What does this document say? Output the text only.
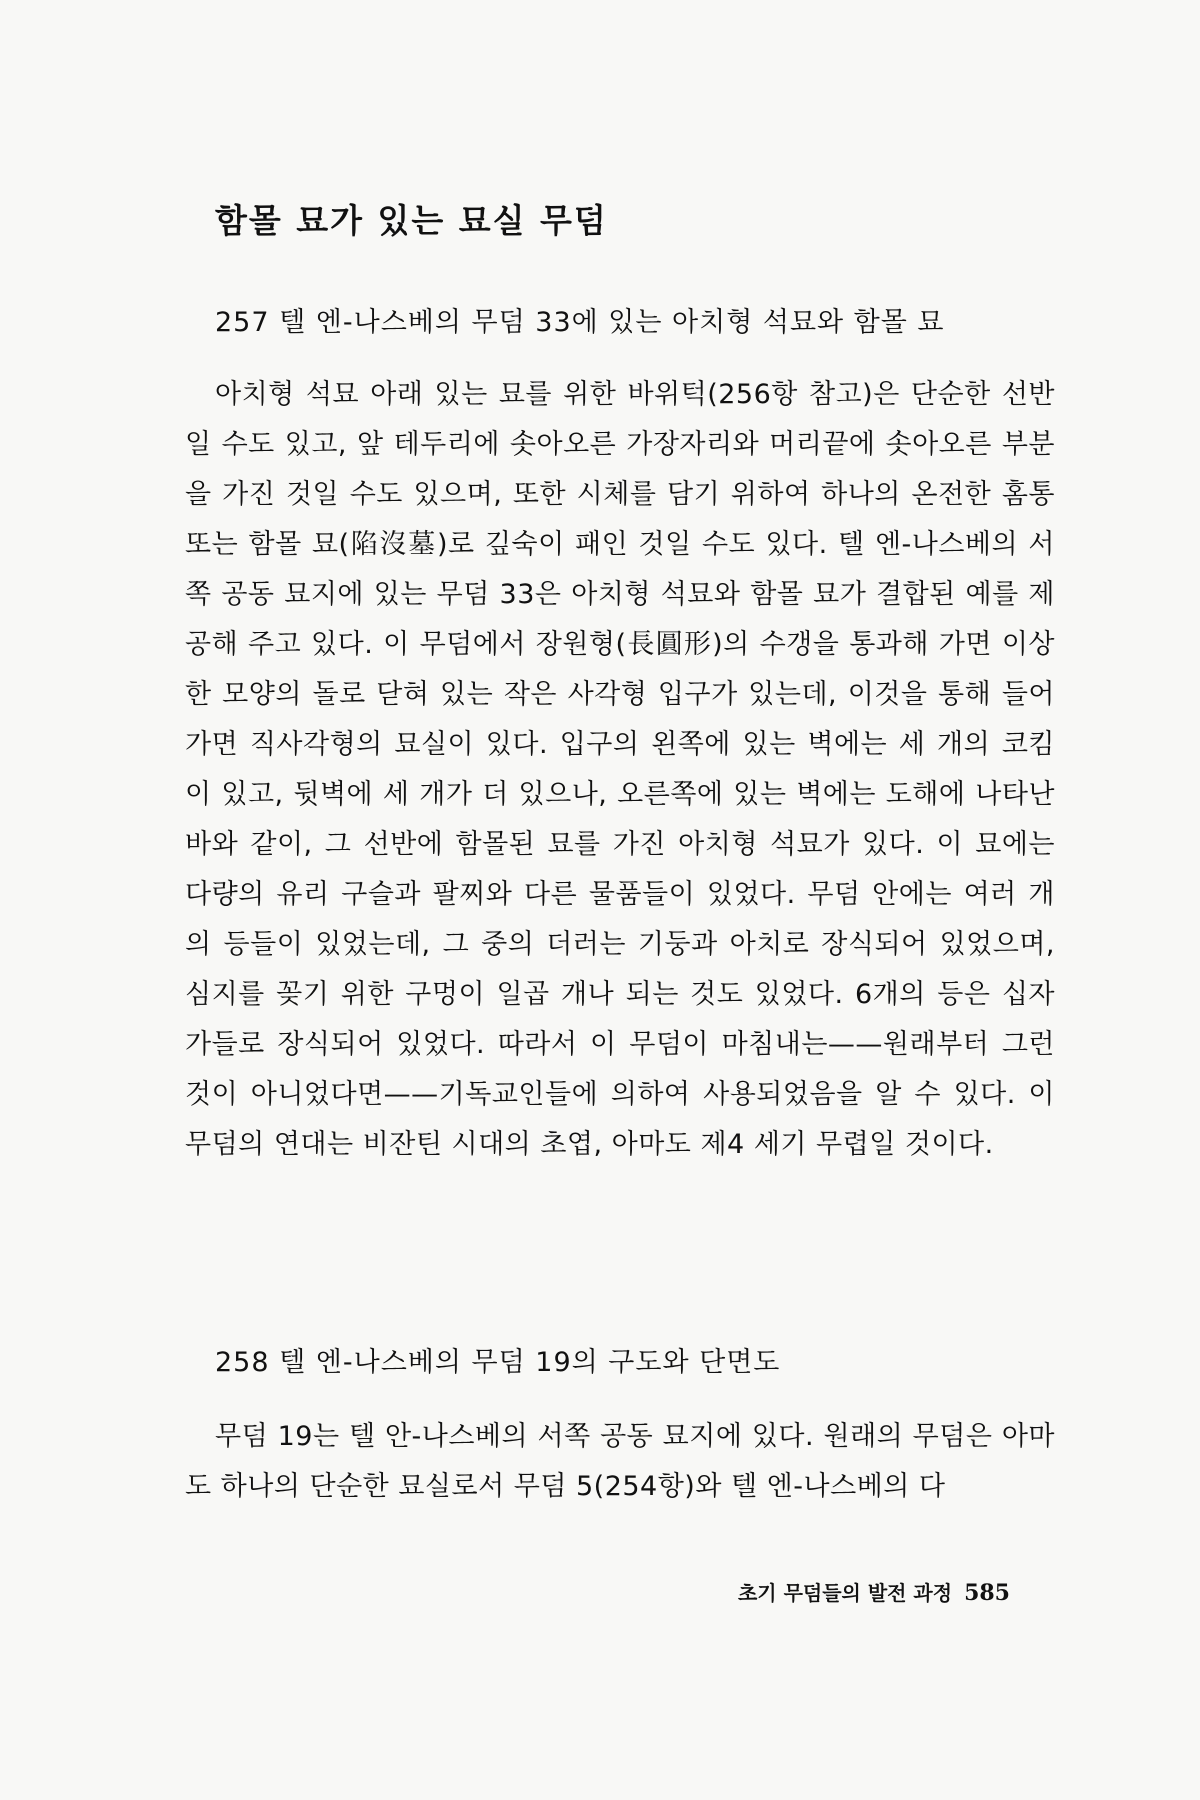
함몰 묘가 있는 묘실 무덤

257 텔 엔-나스베의 무덤 33에 있는 아치형 석묘와 함몰 묘

아치형 석묘 아래 있는 묘를 위한 바위턱(256항 참고)은 단순한 선반일 수도 있고, 앞 테두리에 솟아오른 가장자리와 머리끝에 솟아오른 부분을 가진 것일 수도 있으며, 또한 시체를 담기 위하여 하나의 온전한 홈통 또는 함몰 묘(陷沒墓)로 깊숙이 패인 것일 수도 있다. 텔 엔-나스베의 서쪽 공동 묘지에 있는 무덤 33은 아치형 석묘와 함몰 묘가 결합된 예를 제공해 주고 있다. 이 무덤에서 장원형(長圓形)의 수갱을 통과해 가면 이상한 모양의 돌로 닫혀 있는 작은 사각형 입구가 있는데, 이것을 통해 들어가면 직사각형의 묘실이 있다. 입구의 왼쪽에 있는 벽에는 세 개의 코킴이 있고, 뒷벽에 세 개가 더 있으나, 오른쪽에 있는 벽에는 도해에 나타난 바와 같이, 그 선반에 함몰된 묘를 가진 아치형 석묘가 있다. 이 묘에는 다량의 유리 구슬과 팔찌와 다른 물품들이 있었다. 무덤 안에는 여러 개의 등들이 있었는데, 그 중의 더러는 기둥과 아치로 장식되어 있었으며, 심지를 꽂기 위한 구멍이 일곱 개나 되는 것도 있었다. 6개의 등은 십자가들로 장식되어 있었다. 따라서 이 무덤이 마침내는——원래부터 그런 것이 아니었다면——기독교인들에 의하여 사용되었음을 알 수 있다. 이 무덤의 연대는 비잔틴 시대의 초엽, 아마도 제4 세기 무렵일 것이다.

258 텔 엔-나스베의 무덤 19의 구도와 단면도

무덤 19는 텔 안-나스베의 서쪽 공동 묘지에 있다. 원래의 무덤은 아마도 하나의 단순한 묘실로서 무덤 5(254항)와 텔 엔-나스베의 다

초기 무덤들의 발전 과정 585
